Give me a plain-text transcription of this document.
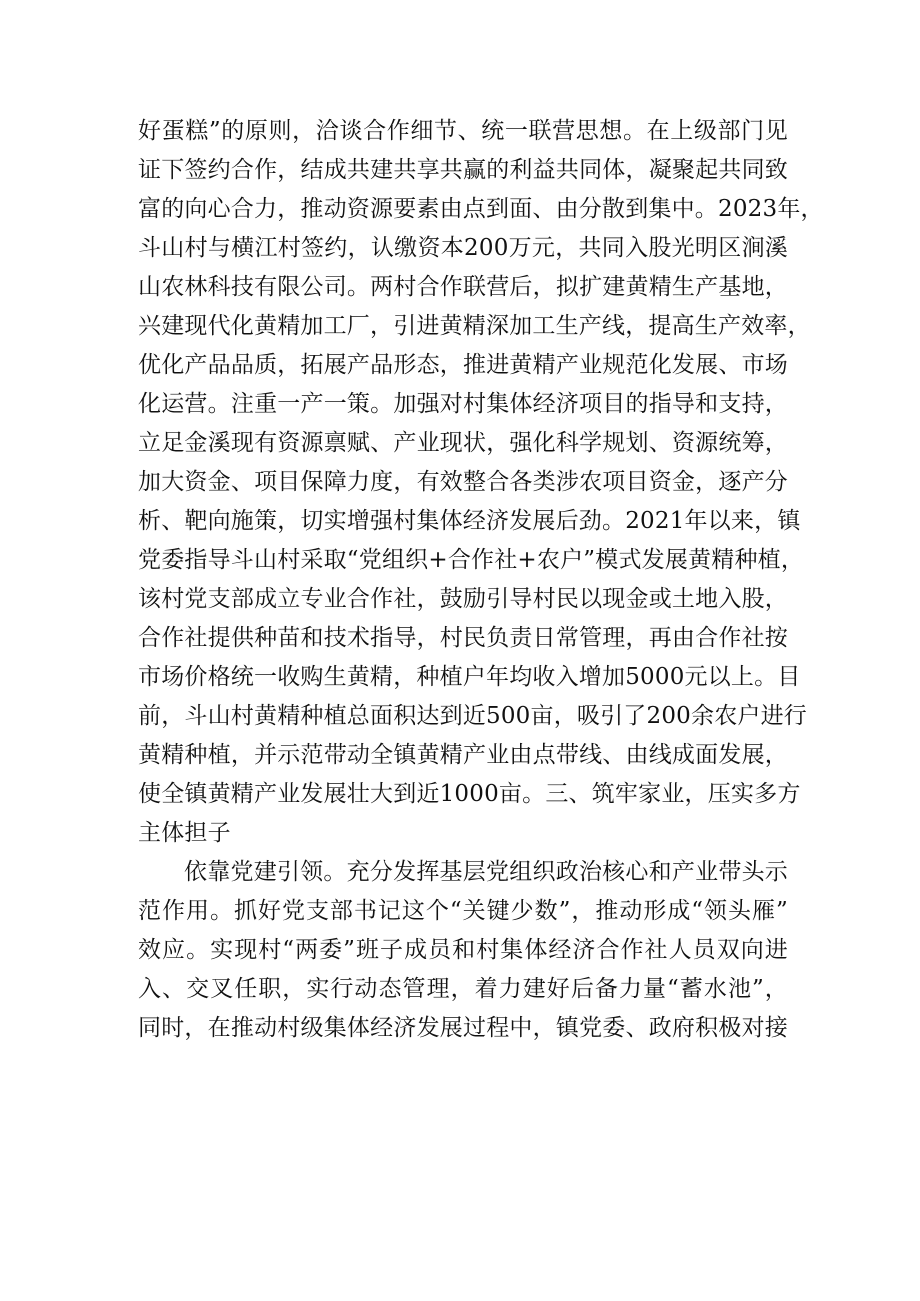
好蛋糕”的原则，洽谈合作细节、统一联营思想。在上级部门见
证下签约合作，结成共建共享共赢的利益共同体，凝聚起共同致
富的向心合力，推动资源要素由点到面、由分散到集中。2023年，
斗山村与横江村签约，认缴资本200万元，共同入股光明区涧溪
山农林科技有限公司。两村合作联营后，拟扩建黄精生产基地，
兴建现代化黄精加工厂，引进黄精深加工生产线，提高生产效率，
优化产品品质，拓展产品形态，推进黄精产业规范化发展、市场
化运营。注重一产一策。加强对村集体经济项目的指导和支持，
立足金溪现有资源禀赋、产业现状，强化科学规划、资源统筹，
加大资金、项目保障力度，有效整合各类涉农项目资金，逐产分
析、靶向施策，切实增强村集体经济发展后劲。2021年以来，镇
党委指导斗山村采取“党组织+合作社+农户”模式发展黄精种植，
该村党支部成立专业合作社，鼓励引导村民以现金或土地入股，
合作社提供种苗和技术指导，村民负责日常管理，再由合作社按
市场价格统一收购生黄精，种植户年均收入增加5000元以上。目
前，斗山村黄精种植总面积达到近500亩，吸引了200余农户进行
黄精种植，并示范带动全镇黄精产业由点带线、由线成面发展，
使全镇黄精产业发展壮大到近1000亩。三、筑牢家业，压实多方
主体担子
依靠党建引领。充分发挥基层党组织政治核心和产业带头示
范作用。抓好党支部书记这个“关键少数”，推动形成“领头雁”
效应。实现村“两委”班子成员和村集体经济合作社人员双向进
入、交叉任职，实行动态管理，着力建好后备力量“蓄水池”，
同时，在推动村级集体经济发展过程中，镇党委、政府积极对接
